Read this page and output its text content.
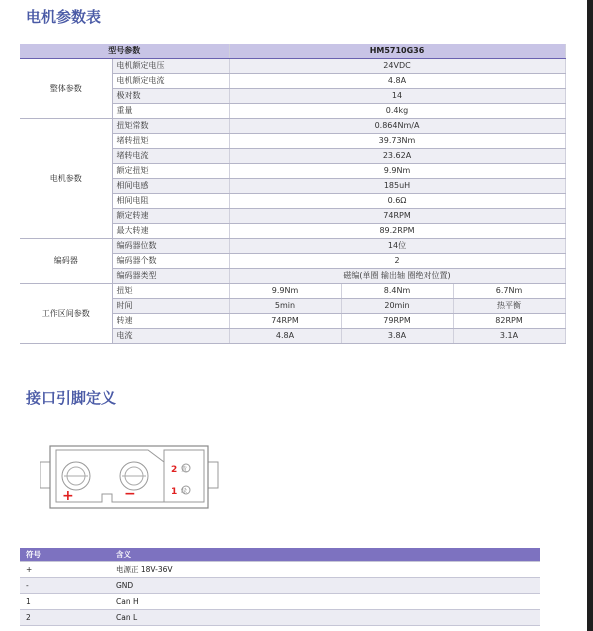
电机参数表
型号参数		HM5710G36		
整体参数	电机额定电压	24VDC		
	电机额定电流	4.8A		
	极对数	14		
	重量	0.4kg		
电机参数	扭矩常数	0.864Nm/A		
	堵转扭矩	39.73Nm		
	堵转电流	23.62A		
	额定扭矩	9.9Nm		
	相间电感	185uH		
	相间电阻	0.6Ω		
	额定转速	74RPM		
	最大转速	89.2RPM		
编码器	编码器位数	14位		
	编码器个数	2		
	编码器类型	磁编(单圈 输出轴 圈绝对位置)		
工作区间参数	扭矩	9.9Nm	8.4Nm	6.7Nm
	时间	5min	20min	热平衡
	转速	74RPM	79RPM	82RPM
	电流	4.8A	3.8A	3.1A
接口引脚定义
+	−
2 黄
1 绿
符号	含义
+	电源正 18V-36V
-	GND
1	Can H
2	Can L
